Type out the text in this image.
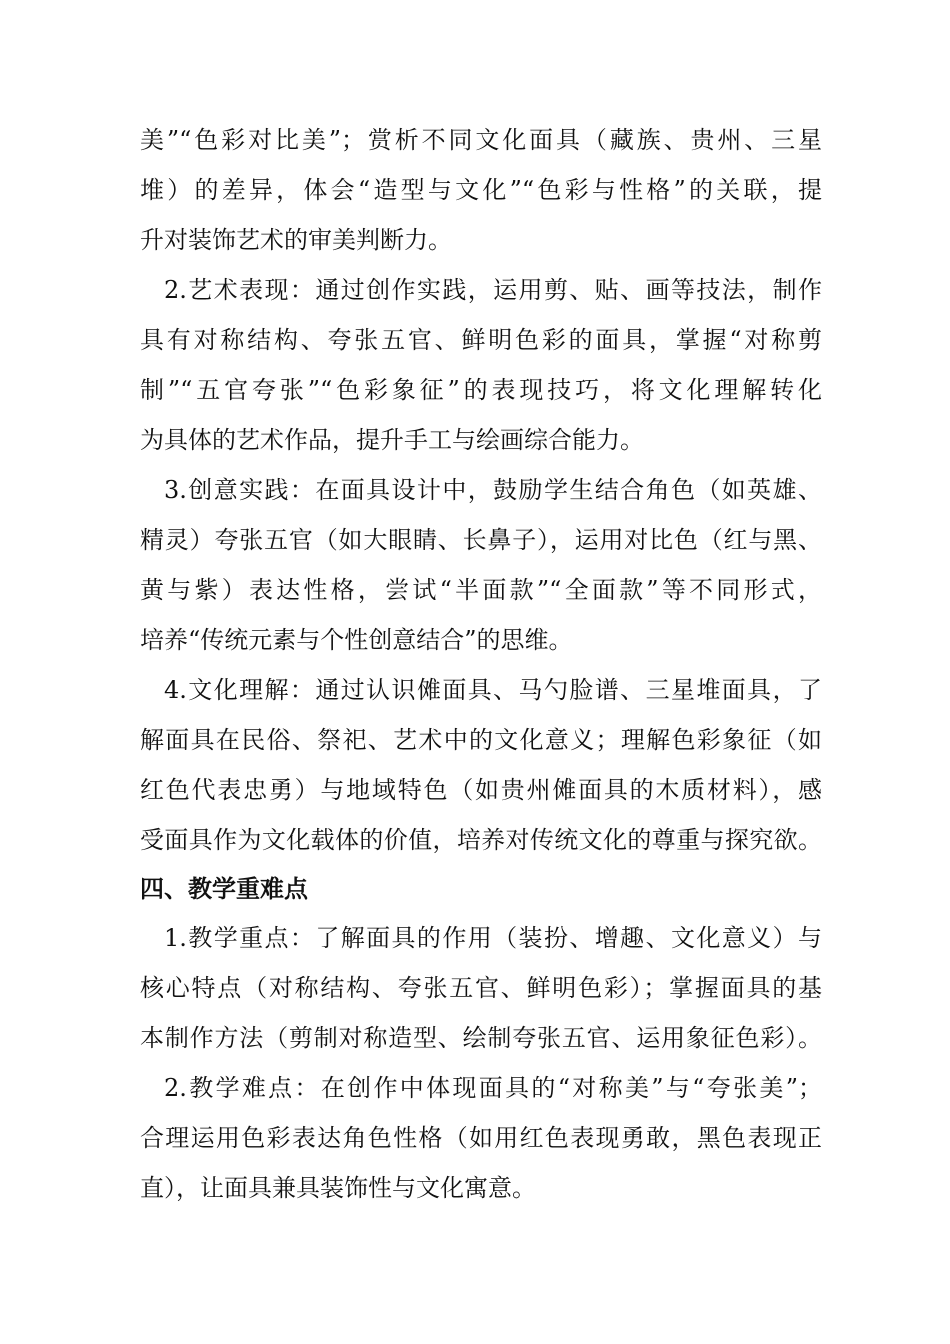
美”“色彩对比美”；赏析不同文化面具（藏族、贵州、三星
堆）的差异，体会“造型与文化”“色彩与性格”的关联，提
升对装饰艺术的审美判断力。
2.艺术表现：通过创作实践，运用剪、贴、画等技法，制作
具有对称结构、夸张五官、鲜明色彩的面具，掌握“对称剪
制”“五官夸张”“色彩象征”的表现技巧，将文化理解转化
为具体的艺术作品，提升手工与绘画综合能力。
3.创意实践：在面具设计中，鼓励学生结合角色（如英雄、
精灵）夸张五官（如大眼睛、长鼻子），运用对比色（红与黑、
黄与紫）表达性格，尝试“半面款”“全面款”等不同形式，
培养“传统元素与个性创意结合”的思维。
4.文化理解：通过认识傩面具、马勺脸谱、三星堆面具，了
解面具在民俗、祭祀、艺术中的文化意义；理解色彩象征（如
红色代表忠勇）与地域特色（如贵州傩面具的木质材料），感
受面具作为文化载体的价值，培养对传统文化的尊重与探究欲。
四、教学重难点
1.教学重点：了解面具的作用（装扮、增趣、文化意义）与
核心特点（对称结构、夸张五官、鲜明色彩）；掌握面具的基
本制作方法（剪制对称造型、绘制夸张五官、运用象征色彩）。
2.教学难点：在创作中体现面具的“对称美”与“夸张美”；
合理运用色彩表达角色性格（如用红色表现勇敢，黑色表现正
直），让面具兼具装饰性与文化寓意。
